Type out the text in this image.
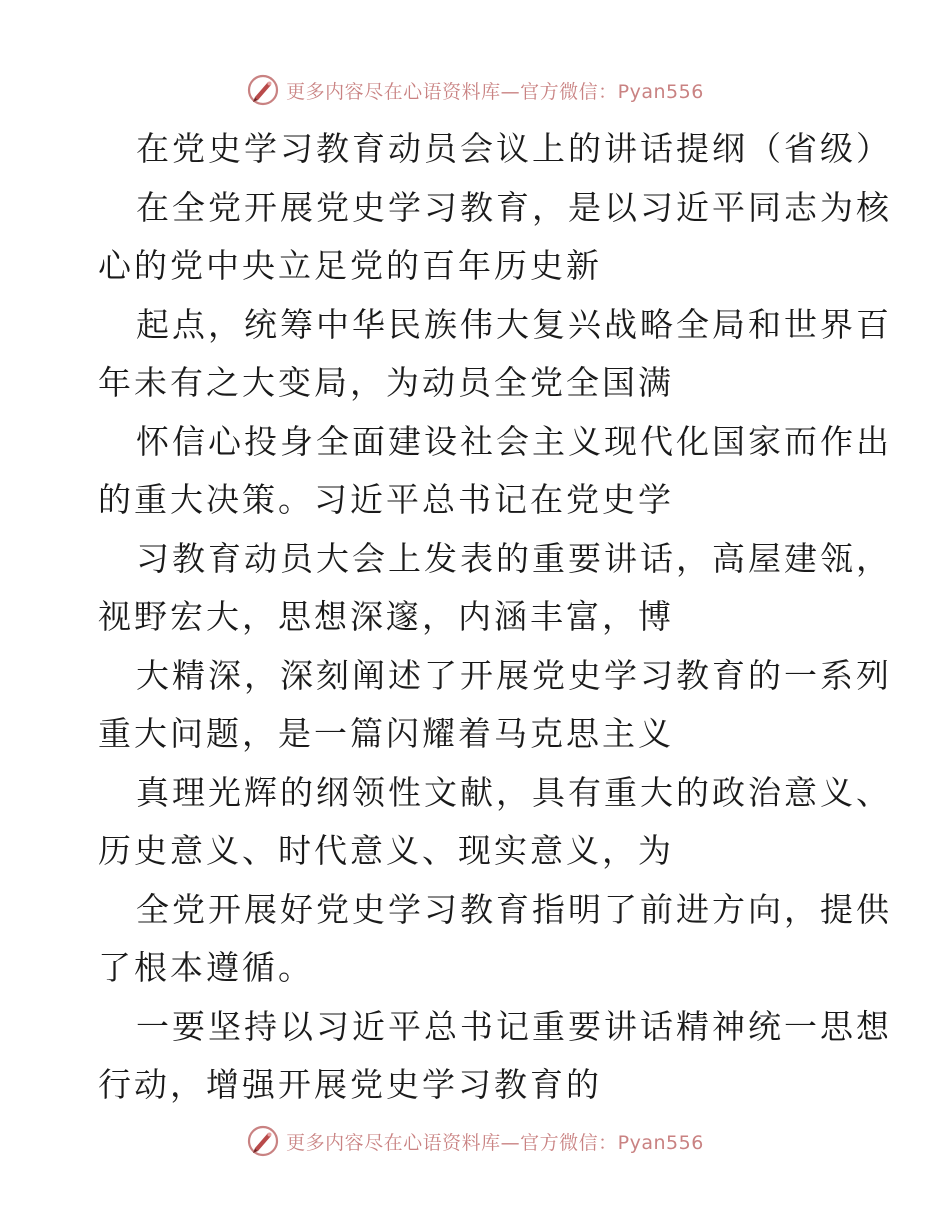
更多内容尽在心语资料库—官方微信：Pyan556
在党史学习教育动员会议上的讲话提纲（省级）
在全党开展党史学习教育，是以习近平同志为核
心的党中央立足党的百年历史新
起点，统筹中华民族伟大复兴战略全局和世界百
年未有之大变局，为动员全党全国满
怀信心投身全面建设社会主义现代化国家而作出
的重大决策。习近平总书记在党史学
习教育动员大会上发表的重要讲话，高屋建瓴，
视野宏大，思想深邃，内涵丰富，博
大精深，深刻阐述了开展党史学习教育的一系列
重大问题，是一篇闪耀着马克思主义
真理光辉的纲领性文献，具有重大的政治意义、
历史意义、时代意义、现实意义，为
全党开展好党史学习教育指明了前进方向，提供
了根本遵循。
一要坚持以习近平总书记重要讲话精神统一思想
行动，增强开展党史学习教育的
更多内容尽在心语资料库—官方微信：Pyan556
